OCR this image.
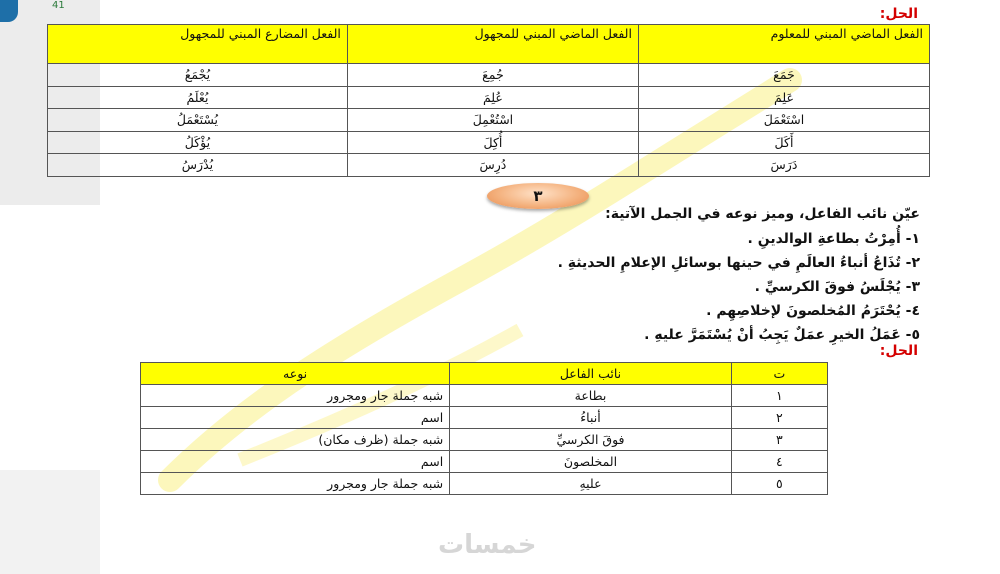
41
الحل:
الفعل الماضي المبني للمعلوم	الفعل الماضي المبني للمجهول	الفعل المضارع المبني للمجهول
جَمَعَ	جُمِعَ	يُجْمَعُ
عَلِمَ	عُلِمَ	يُعْلَمُ
اسْتَعْمَلَ	اسْتُعْمِلَ	يُسْتَعْمَلُ
أَكَلَ	أُكِلَ	يُؤْكَلُ
دَرَسَ	دُرِسَ	يُدْرَسُ
٣
عيّن نائب الفاعل، وميز نوعه في الجمل الآتية:
١- أُمِرْتُ بطاعةِ الوالدينِ .
٢- تُذَاعُ أنباءُ العالَمِ في حينها بوسائلِ الإعلامِ الحديثةِ .
٣- يُجْلَسُ فوقَ الكرسيِّ .
٤- يُحْتَرَمُ المُخلصونَ لإخلاصِهِم .
٥- عَمَلُ الخيرِ عمَلٌ يَجِبُ أنْ يُسْتَمَرَّ عليهِ .
الحل:
ت	نائب الفاعل	نوعه
١	بطاعة	شبه جملة جار ومجرور
٢	أنباءُ	اسم
٣	فوقَ الكرسيِّ	شبه جملة (ظرف مكان)
٤	المخلصونَ	اسم
٥	عليهِ	شبه جملة جار ومجرور
خمسات
